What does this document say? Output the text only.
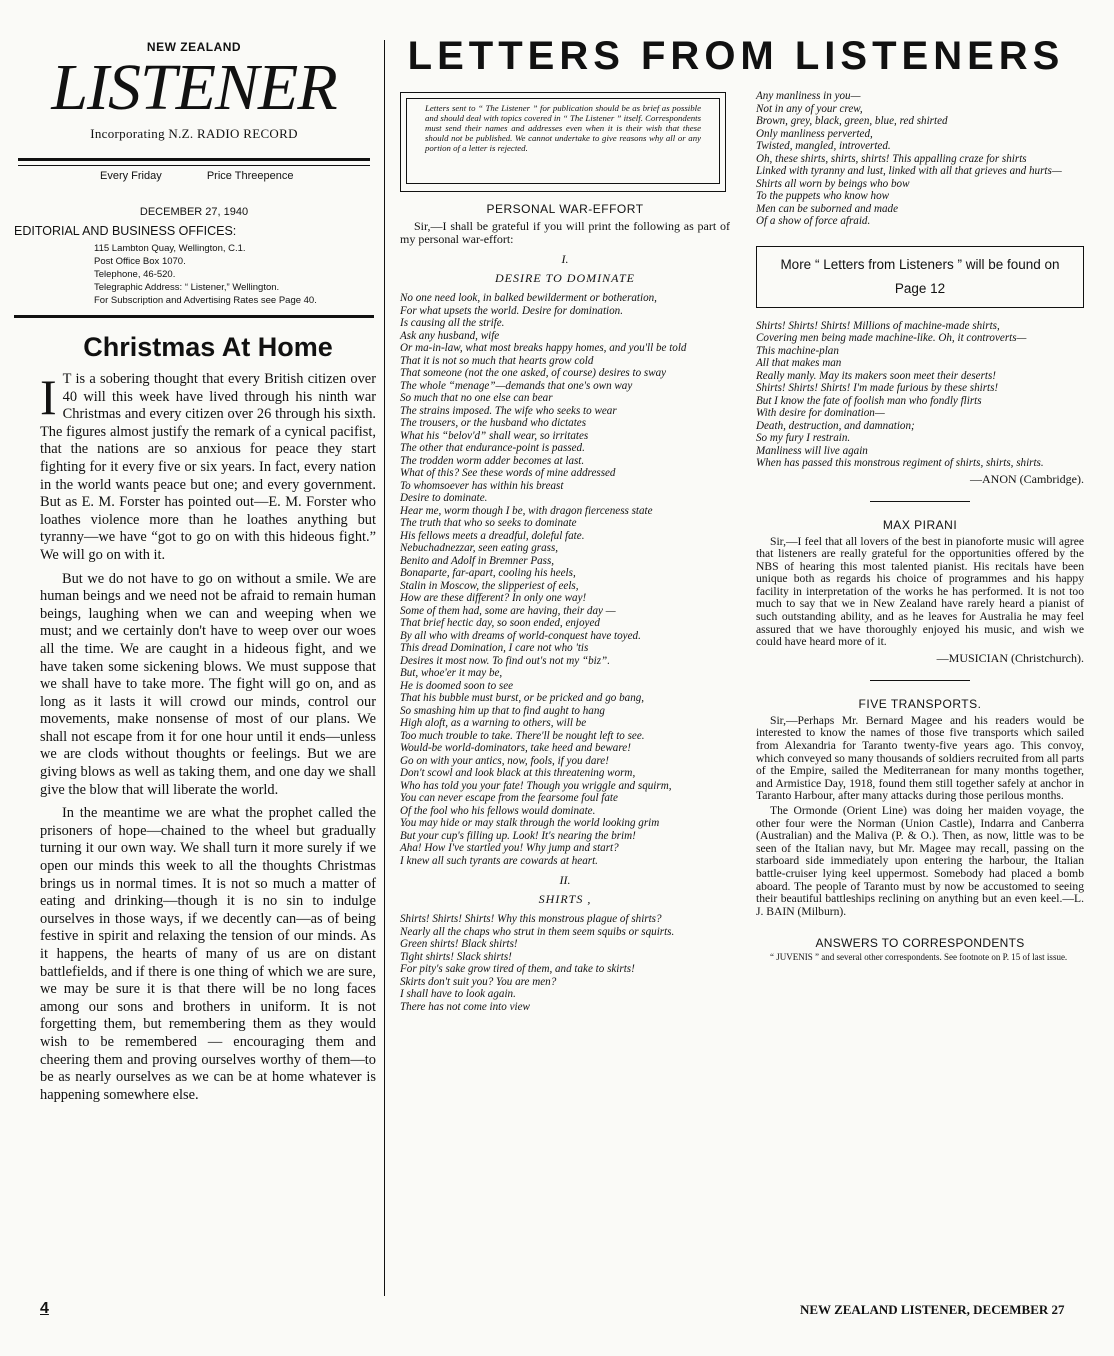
NEW ZEALAND
LISTENER
Incorporating N.Z. RADIO RECORD
Every Friday	Price Threepence
DECEMBER 27, 1940
EDITORIAL AND BUSINESS OFFICES:
115 Lambton Quay, Wellington, C.1.
Post Office Box 1070.
Telephone, 46-520.
Telegraphic Address: “ Listener,” Wellington.
For Subscription and Advertising Rates see Page 40.
Christmas At Home

I T is a sobering thought that every British citizen over 40 will this week have lived through his ninth war Christmas and every citizen over 26 through his sixth. The figures almost justify the remark of a cynical pacifist, that the nations are so anxious for peace they start fighting for it every five or six years. In fact, every nation in the world wants peace but one; and every government. But as E. M. Forster has pointed out—E. M. Forster who loathes violence more than he loathes anything but tyranny—we have “got to go on with this hideous fight.” We will go on with it.

But we do not have to go on without a smile. We are human beings and we need not be afraid to remain human beings, laughing when we can and weeping when we must; and we certainly don't have to weep over our woes all the time. We are caught in a hideous fight, and we have taken some sickening blows. We must suppose that we shall have to take more. The fight will go on, and as long as it lasts it will crowd our minds, control our movements, make nonsense of most of our plans. We shall not escape from it for one hour until it ends—unless we are clods without thoughts or feelings. But we are giving blows as well as taking them, and one day we shall give the blow that will liberate the world.

In the meantime we are what the prophet called the prisoners of hope—chained to the wheel but gradually turning it our own way. We shall turn it more surely if we open our minds this week to all the thoughts Christmas brings us in normal times. It is not so much a matter of eating and drinking—though it is no sin to indulge ourselves in those ways, if we decently can—as of being festive in spirit and relaxing the tension of our minds. As it happens, the hearts of many of us are on distant battlefields, and if there is one thing of which we are sure, we may be sure it is that there will be no long faces among our sons and brothers in uniform. It is not forgetting them, but remembering them as they would wish to be remembered — encouraging them and cheering them and proving ourselves worthy of them—to be as nearly ourselves as we can be at home whatever is happening somewhere else.

LETTERS FROM LISTENERS
Letters sent to “ The Listener ” for publication should be as brief as possible and should deal with topics covered in “ The Listener ” itself. Correspondents must send their names and addresses even when it is their wish that these should not be published. We cannot undertake to give reasons why all or any portion of a letter is rejected.
PERSONAL WAR-EFFORT

Sir,—I shall be grateful if you will print the following as part of my personal war-effort:

I.
DESIRE TO DOMINATE
No one need look, in balked bewilderment or botheration,
For what upsets the world. Desire for domination.
Is causing all the strife.
Ask any husband, wife
Or ma-in-law, what most breaks happy homes, and you'll be told
That it is not so much that hearts grow cold
That someone (not the one asked, of course) desires to sway
The whole “menage”—demands that one's own way
So much that no one else can bear
The strains imposed. The wife who seeks to wear
The trousers, or the husband who dictates
What his “belov'd” shall wear, so irritates
The other that endurance-point is passed.
The trodden worm adder becomes at last.
What of this? See these words of mine addressed
To whomsoever has within his breast
Desire to dominate.
Hear me, worm though I be, with dragon fierceness state
The truth that who so seeks to dominate
His fellows meets a dreadful, doleful fate.
Nebuchadnezzar, seen eating grass,
Benito and Adolf in Bremner Pass,
Bonaparte, far-apart, cooling his heels,
Stalin in Moscow, the slipperiest of eels,
How are these different? In only one way!
Some of them had, some are having, their day —
That brief hectic day, so soon ended, enjoyed
By all who with dreams of world-conquest have toyed.
This dread Domination, I care not who 'tis
Desires it most now. To find out's not my “biz”.
But, whoe'er it may be,
He is doomed soon to see
That his bubble must burst, or be pricked and go bang,
So smashing him up that to find aught to hang
High aloft, as a warning to others, will be
Too much trouble to take. There'll be nought left to see.
Would-be world-dominators, take heed and beware!
Go on with your antics, now, fools, if you dare!
Don't scowl and look black at this threatening worm,
Who has told you your fate! Though you wriggle and squirm,
You can never escape from the fearsome foul fate
Of the fool who his fellows would dominate.
You may hide or may stalk through the world looking grim
But your cup's filling up. Look! It's nearing the brim!
Aha! How I've startled you! Why jump and start?
I knew all such tyrants are cowards at heart.
II.
SHIRTS ,
Shirts! Shirts! Shirts! Why this monstrous plague of shirts?
Nearly all the chaps who strut in them seem squibs or squirts.
Green shirts! Black shirts!
Tight shirts! Slack shirts!
For pity's sake grow tired of them, and take to skirts!
Skirts don't suit you? You are men?
I shall have to look again.
There has not come into view
Any manliness in you—
Not in any of your crew,
Brown, grey, black, green, blue, red shirted
Only manliness perverted,
Twisted, mangled, introverted.
Oh, these shirts, shirts, shirts! This appalling craze for shirts
Linked with tyranny and lust, linked with all that grieves and hurts—
Shirts all worn by beings who bow
To the puppets who know how
Men can be suborned and made
Of a show of force afraid.
More “ Letters from Listeners ” will be found on Page 12
Shirts! Shirts! Shirts! Millions of machine-made shirts,
Covering men being made machine-like. Oh, it controverts—
This machine-plan
All that makes man
Really manly. May its makers soon meet their deserts!
Shirts! Shirts! Shirts! I'm made furious by these shirts!
But I know the fate of foolish man who fondly flirts
With desire for domination—
Death, destruction, and damnation;
So my fury I restrain.
Manliness will live again
When has passed this monstrous regiment of shirts, shirts, shirts.
—ANON (Cambridge).
MAX PIRANI

Sir,—I feel that all lovers of the best in pianoforte music will agree that listeners are really grateful for the opportunities offered by the NBS of hearing this most talented pianist. His recitals have been unique both as regards his choice of programmes and his happy facility in interpretation of the works he has performed. It is not too much to say that we in New Zealand have rarely heard a pianist of such outstanding ability, and as he leaves for Australia he may feel assured that we have thoroughly enjoyed his music, and wish we could have heard more of it.

—MUSICIAN (Christchurch).
FIVE TRANSPORTS.

Sir,—Perhaps Mr. Bernard Magee and his readers would be interested to know the names of those five transports which sailed from Alexandria for Taranto twenty-five years ago. This convoy, which conveyed so many thousands of soldiers recruited from all parts of the Empire, sailed the Mediterranean for many months together, and Armistice Day, 1918, found them still together safely at anchor in Taranto Harbour, after many attacks during those perilous months.

The Ormonde (Orient Line) was doing her maiden voyage, the other four were the Norman (Union Castle), Indarra and Canberra (Australian) and the Maliva (P. & O.). Then, as now, little was to be seen of the Italian navy, but Mr. Magee may recall, passing on the starboard side immediately upon entering the harbour, the Italian battle-cruiser lying keel uppermost. Somebody had placed a bomb aboard. The people of Taranto must by now be accustomed to seeing their beautiful battleships reclining on anything but an even keel.—L. J. BAIN (Milburn).

ANSWERS TO CORRESPONDENTS
“ JUVENIS ” and several other correspondents. See footnote on P. 15 of last issue.
4	NEW ZEALAND LISTENER, DECEMBER 27
